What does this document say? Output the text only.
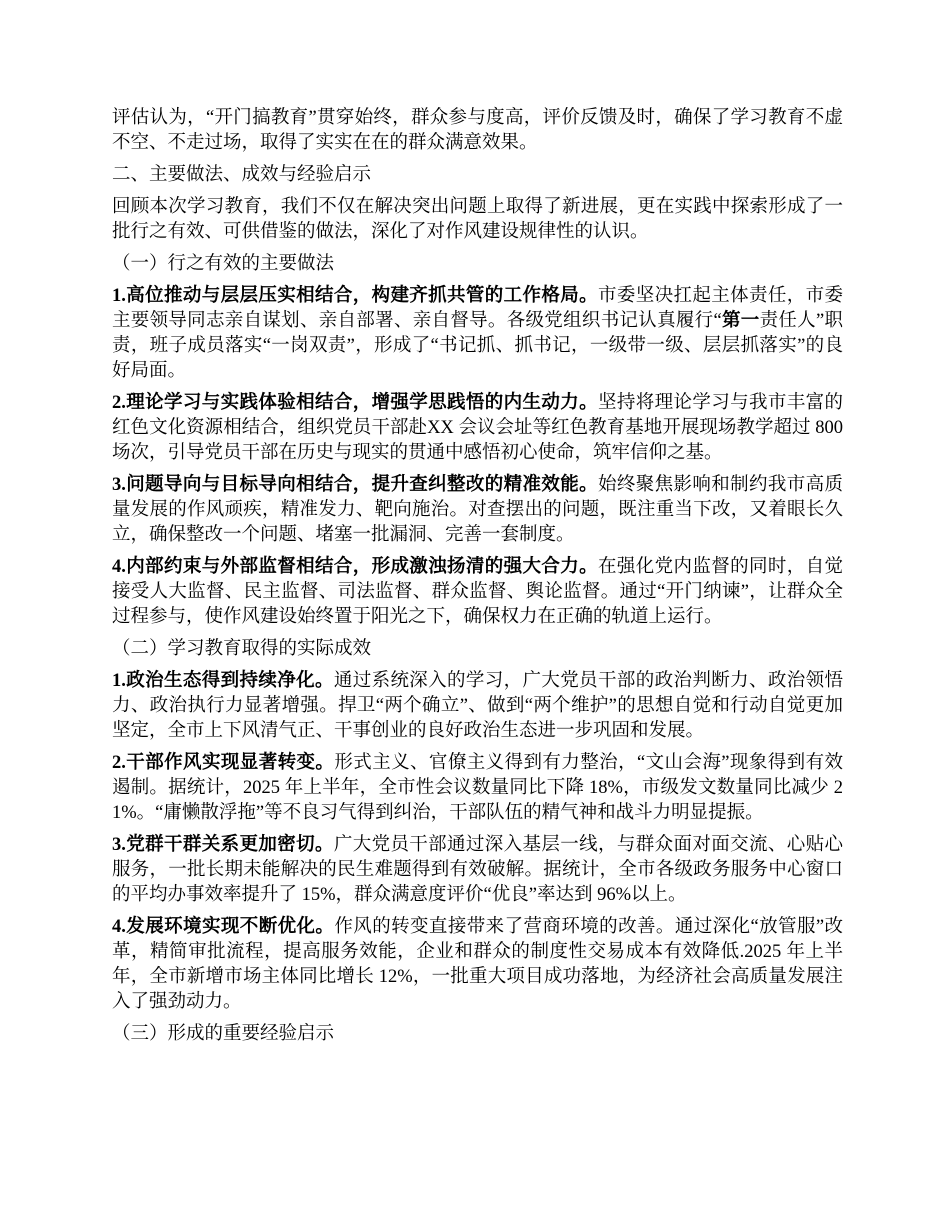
评估认为，“开门搞教育”贯穿始终，群众参与度高，评价反馈及时，确保了学习教育不虚不空、不走过场，取得了实实在在的群众满意效果。

二、主要做法、成效与经验启示

回顾本次学习教育，我们不仅在解决突出问题上取得了新进展，更在实践中探索形成了一批行之有效、可供借鉴的做法，深化了对作风建设规律性的认识。

（一）行之有效的主要做法

1.高位推动与层层压实相结合，构建齐抓共管的工作格局。市委坚决扛起主体责任，市委主要领导同志亲自谋划、亲自部署、亲自督导。各级党组织书记认真履行“第一责任人”职责，班子成员落实“一岗双责”，形成了“书记抓、抓书记，一级带一级、层层抓落实”的良好局面。

2.理论学习与实践体验相结合，增强学思践悟的内生动力。坚持将理论学习与我市丰富的红色文化资源相结合，组织党员干部赴XX 会议会址等红色教育基地开展现场教学超过 800 场次，引导党员干部在历史与现实的贯通中感悟初心使命，筑牢信仰之基。

3.问题导向与目标导向相结合，提升查纠整改的精准效能。始终聚焦影响和制约我市高质量发展的作风顽疾，精准发力、靶向施治。对查摆出的问题，既注重当下改，又着眼长久立，确保整改一个问题、堵塞一批漏洞、完善一套制度。

4.内部约束与外部监督相结合，形成激浊扬清的强大合力。在强化党内监督的同时，自觉接受人大监督、民主监督、司法监督、群众监督、舆论监督。通过“开门纳谏”，让群众全过程参与，使作风建设始终置于阳光之下，确保权力在正确的轨道上运行。

（二）学习教育取得的实际成效

1.政治生态得到持续净化。通过系统深入的学习，广大党员干部的政治判断力、政治领悟力、政治执行力显著增强。捍卫“两个确立”、做到“两个维护”的思想自觉和行动自觉更加坚定，全市上下风清气正、干事创业的良好政治生态进一步巩固和发展。

2.干部作风实现显著转变。形式主义、官僚主义得到有力整治，“文山会海”现象得到有效遏制。据统计，2025 年上半年，全市性会议数量同比下降 18%，市级发文数量同比减少 21%。“庸懒散浮拖”等不良习气得到纠治，干部队伍的精气神和战斗力明显提振。

3.党群干群关系更加密切。广大党员干部通过深入基层一线，与群众面对面交流、心贴心服务，一批长期未能解决的民生难题得到有效破解。据统计，全市各级政务服务中心窗口的平均办事效率提升了 15%，群众满意度评价“优良”率达到 96%以上。

4.发展环境实现不断优化。作风的转变直接带来了营商环境的改善。通过深化“放管服”改革，精简审批流程，提高服务效能，企业和群众的制度性交易成本有效降低.2025 年上半年，全市新增市场主体同比增长 12%，一批重大项目成功落地，为经济社会高质量发展注入了强劲动力。

（三）形成的重要经验启示
